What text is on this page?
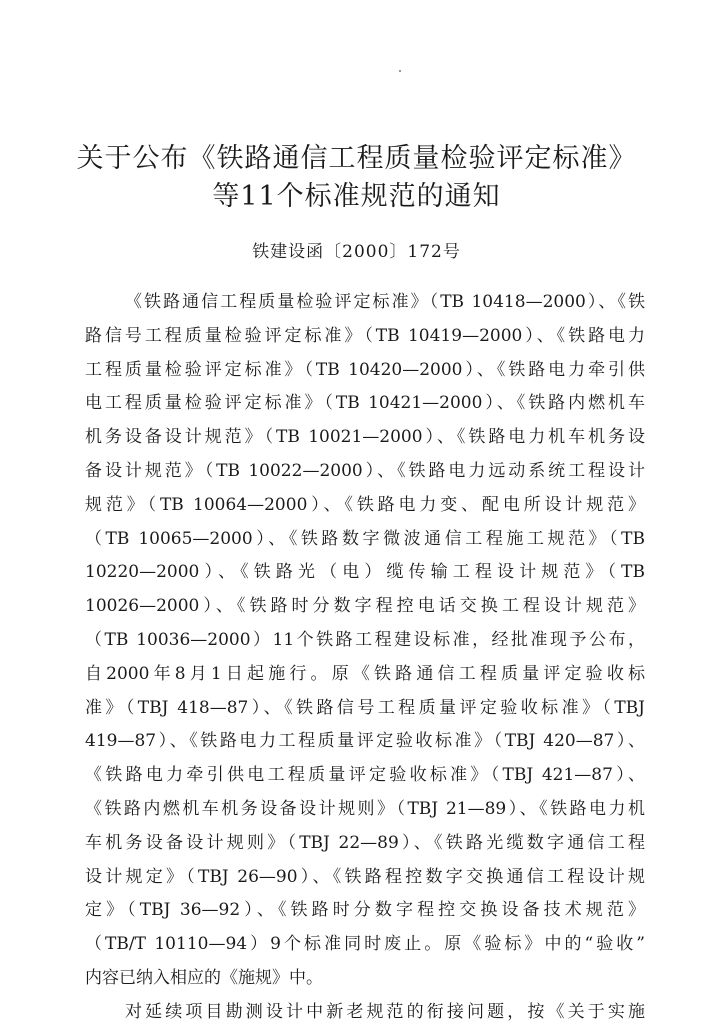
关于公布《铁路通信工程质量检验评定标准》
等11个标准规范的通知
铁建设函〔2000〕172号
《铁路通信工程质量检验评定标准》（TB 10418—2000）、《铁
路信号工程质量检验评定标准》（TB 10419—2000）、《铁路电力
工程质量检验评定标准》（TB 10420—2000）、《铁路电力牵引供
电工程质量检验评定标准》（TB 10421—2000）、《铁路内燃机车
机务设备设计规范》（TB 10021—2000）、《铁路电力机车机务设
备设计规范》（TB 10022—2000）、《铁路电力远动系统工程设计
规范》（TB 10064—2000）、《铁路电力变、配电所设计规范》
（TB 10065—2000）、《铁路数字微波通信工程施工规范》（TB
10220—2000）、《铁路光（电）缆传输工程设计规范》（TB
10026—2000）、《铁路时分数字程控电话交换工程设计规范》
（TB 10036—2000）11个铁路工程建设标准，经批准现予公布，
自2000年8月1日起施行。原《铁路通信工程质量评定验收标
准》（TBJ 418—87）、《铁路信号工程质量评定验收标准》（TBJ
419—87）、《铁路电力工程质量评定验收标准》（TBJ 420—87）、
《铁路电力牵引供电工程质量评定验收标准》（TBJ 421—87）、
《铁路内燃机车机务设备设计规则》（TBJ 21—89）、《铁路电力机
车机务设备设计规则》（TBJ 22—89）、《铁路光缆数字通信工程
设计规定》（TBJ 26—90）、《铁路程控数字交换通信工程设计规
定》（TBJ 36—92）、《铁路时分数字程控交换设备技术规范》
（TB/T 10110—94）9个标准同时废止。原《验标》中的“验收”
内容已纳入相应的《施规》中。
对延续项目勘测设计中新老规范的衔接问题，按《关于实施
